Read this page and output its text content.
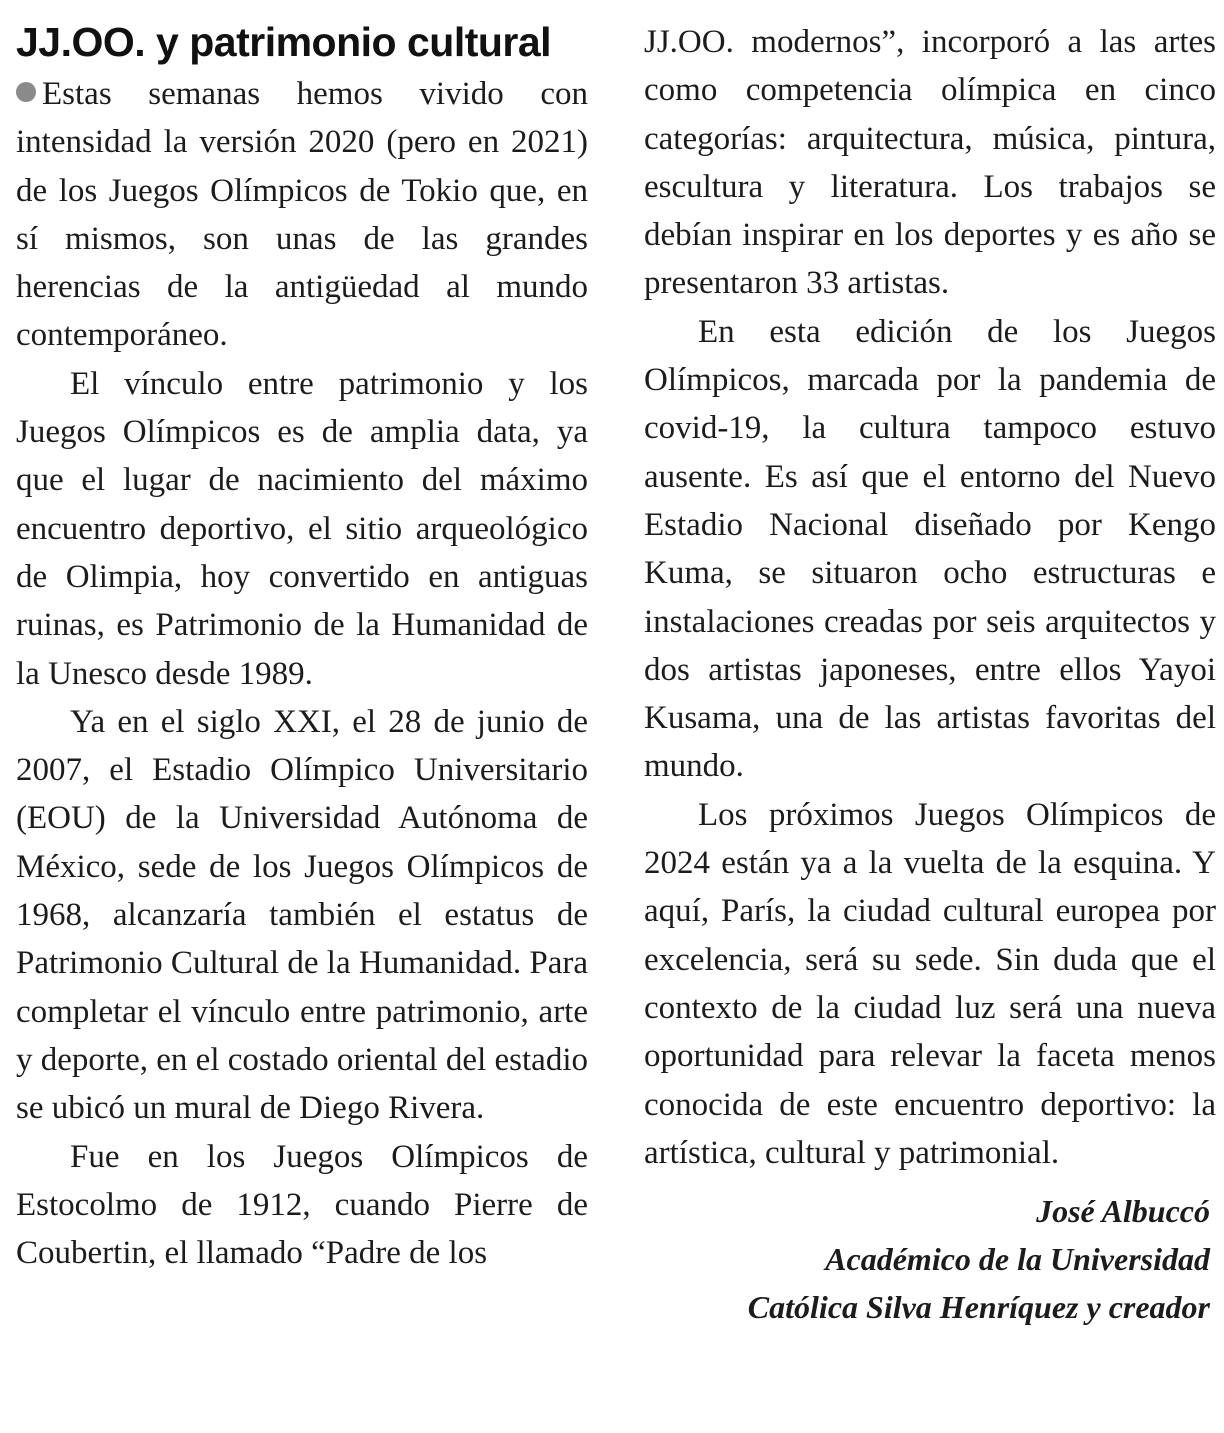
JJ.OO. y patrimonio cultural

Estas semanas hemos vivido con intensidad la versión 2020 (pero en 2021) de los Juegos Olímpicos de Tokio que, en sí mismos, son unas de las grandes herencias de la antigüedad al mundo contemporáneo.

El vínculo entre patrimonio y los Juegos Olímpicos es de amplia data, ya que el lugar de nacimiento del máximo encuentro deportivo, el sitio arqueológico de Olimpia, hoy convertido en antiguas ruinas, es Patrimonio de la Humanidad de la Unesco desde 1989.

Ya en el siglo XXI, el 28 de junio de 2007, el Estadio Olímpico Universitario (EOU) de la Universidad Autónoma de México, sede de los Juegos Olímpicos de 1968, alcanzaría también el estatus de Patrimonio Cultural de la Humanidad. Para completar el vínculo entre patrimonio, arte y deporte, en el costado oriental del estadio se ubicó un mural de Diego Rivera.

Fue en los Juegos Olímpicos de Estocolmo de 1912, cuando Pierre de Coubertin, el llamado “Padre de los

JJ.OO. modernos”, incorporó a las artes como competencia olímpica en cinco categorías: arquitectura, música, pintura, escultura y literatura. Los trabajos se debían inspirar en los deportes y es año se presentaron 33 artistas.

En esta edición de los Juegos Olímpicos, marcada por la pandemia de covid-19, la cultura tampoco estuvo ausente. Es así que el entorno del Nuevo Estadio Nacional diseñado por Kengo Kuma, se situaron ocho estructuras e instalaciones creadas por seis arquitectos y dos artistas japoneses, entre ellos Yayoi Kusama, una de las artistas favoritas del mundo.

Los próximos Juegos Olímpicos de 2024 están ya a la vuelta de la esquina. Y aquí, París, la ciudad cultural europea por excelencia, será su sede. Sin duda que el contexto de la ciudad luz será una nueva oportunidad para relevar la faceta menos conocida de este encuentro deportivo: la artística, cultural y patrimonial.

José Albuccó
Académico de la Universidad
Católica Silva Henríquez y creador
